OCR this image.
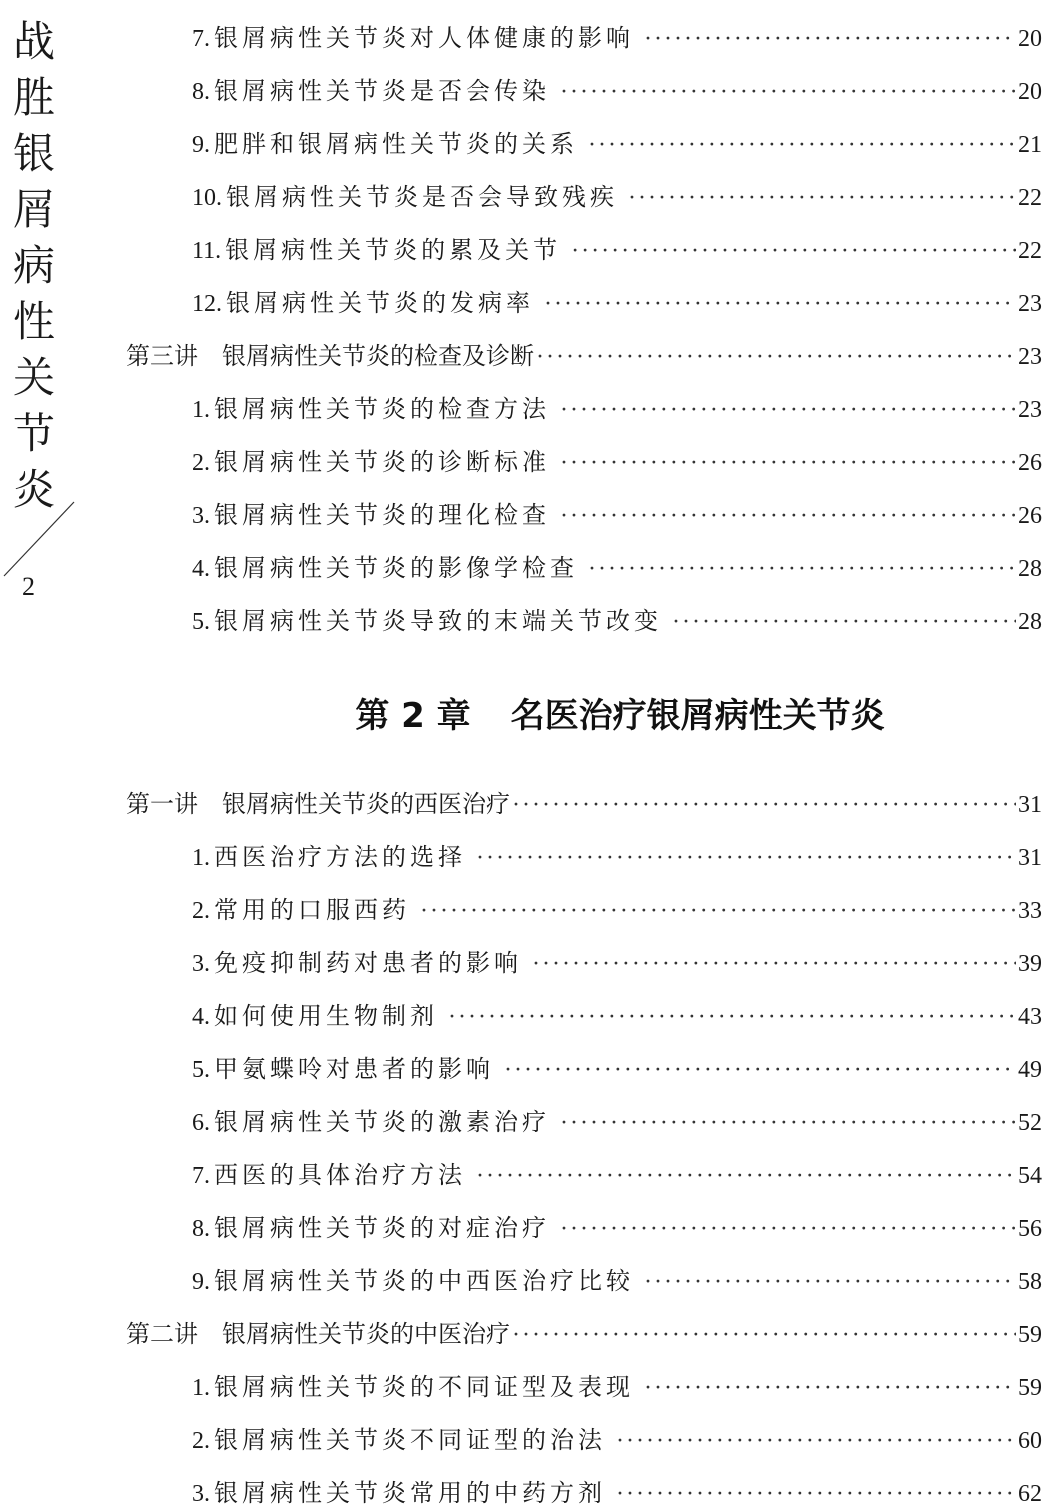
战
胜
银
屑
病
性
关
节
炎
2
7. 银屑病性关节炎对人体健康的影响 ·····	20
8. 银屑病性关节炎是否会传染 ·····	20
9. 肥胖和银屑病性关节炎的关系 ·····	21
10. 银屑病性关节炎是否会导致残疾 ·····	22
11. 银屑病性关节炎的累及关节 ·····	22
12. 银屑病性关节炎的发病率 ·····	23
第三讲　银屑病性关节炎的检查及诊断 ·····	23
1. 银屑病性关节炎的检查方法 ·····	23
2. 银屑病性关节炎的诊断标准 ·····	26
3. 银屑病性关节炎的理化检查 ·····	26
4. 银屑病性关节炎的影像学检查 ·····	28
5. 银屑病性关节炎导致的末端关节改变 ·····	28
第一讲　银屑病性关节炎的西医治疗 ·····	31
1. 西医治疗方法的选择 ·····	31
2. 常用的口服西药 ·····	33
3. 免疫抑制药对患者的影响 ·····	39
4. 如何使用生物制剂 ·····	43
5. 甲氨蝶呤对患者的影响 ·····	49
6. 银屑病性关节炎的激素治疗 ·····	52
7. 西医的具体治疗方法 ·····	54
8. 银屑病性关节炎的对症治疗 ·····	56
9. 银屑病性关节炎的中西医治疗比较 ·····	58
第二讲　银屑病性关节炎的中医治疗 ·····	59
1. 银屑病性关节炎的不同证型及表现 ·····	59
2. 银屑病性关节炎不同证型的治法 ·····	60
3. 银屑病性关节炎常用的中药方剂 ·····	62
第 2 章 名医治疗银屑病性关节炎
